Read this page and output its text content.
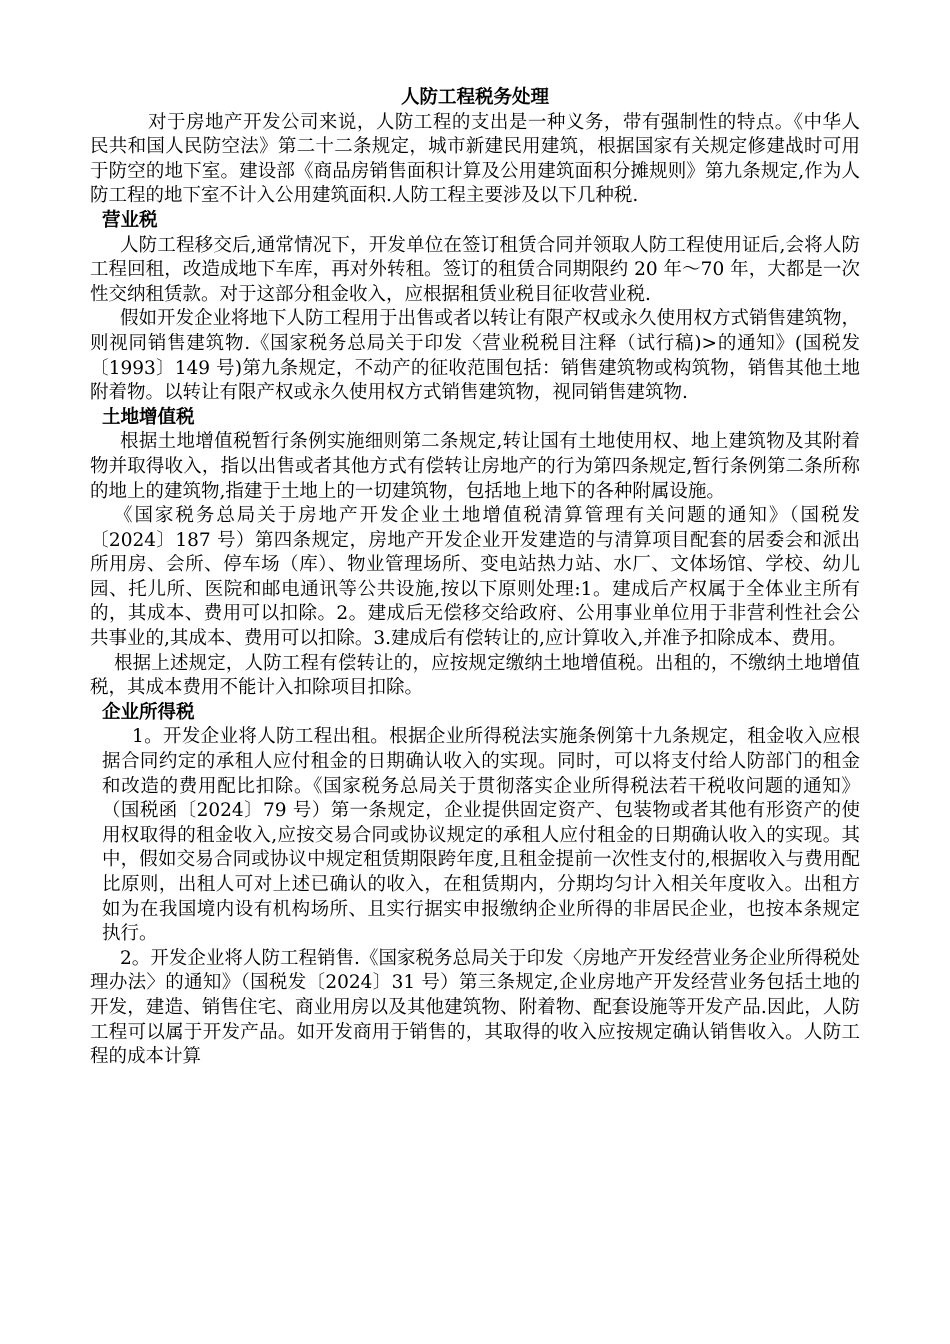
人防工程税务处理

对于房地产开发公司来说，人防工程的支出是一种义务，带有强制性的特点。《中华人民共和国人民防空法》第二十二条规定，城市新建民用建筑，根据国家有关规定修建战时可用于防空的地下室。建设部《商品房销售面积计算及公用建筑面积分摊规则》第九条规定,作为人防工程的地下室不计入公用建筑面积.人防工程主要涉及以下几种税.

营业税

人防工程移交后,通常情况下，开发单位在签订租赁合同并领取人防工程使用证后,会将人防工程回租，改造成地下车库，再对外转租。签订的租赁合同期限约 20 年～70 年，大都是一次性交纳租赁款。对于这部分租金收入，应根据租赁业税目征收营业税.

假如开发企业将地下人防工程用于出售或者以转让有限产权或永久使用权方式销售建筑物，则视同销售建筑物.《国家税务总局关于印发〈营业税税目注释（试行稿)>的通知》(国税发〔1993〕149 号)第九条规定，不动产的征收范围包括：销售建筑物或构筑物，销售其他土地附着物。以转让有限产权或永久使用权方式销售建筑物，视同销售建筑物.

土地增值税

根据土地增值税暂行条例实施细则第二条规定,转让国有土地使用权、地上建筑物及其附着物并取得收入，指以出售或者其他方式有偿转让房地产的行为第四条规定,暂行条例第二条所称的地上的建筑物,指建于土地上的一切建筑物，包括地上地下的各种附属设施。

《国家税务总局关于房地产开发企业土地增值税清算管理有关问题的通知》（国税发〔2024〕187 号）第四条规定，房地产开发企业开发建造的与清算项目配套的居委会和派出所用房、会所、停车场（库）、物业管理场所、变电站热力站、水厂、文体场馆、学校、幼儿园、托儿所、医院和邮电通讯等公共设施,按以下原则处理:1。建成后产权属于全体业主所有的，其成本、费用可以扣除。2。建成后无偿移交给政府、公用事业单位用于非营利性社会公共事业的,其成本、费用可以扣除。3.建成后有偿转让的,应计算收入,并准予扣除成本、费用。

根据上述规定，人防工程有偿转让的，应按规定缴纳土地增值税。出租的，不缴纳土地增值税，其成本费用不能计入扣除项目扣除。

企业所得税

1。开发企业将人防工程出租。根据企业所得税法实施条例第十九条规定，租金收入应根据合同约定的承租人应付租金的日期确认收入的实现。同时，可以将支付给人防部门的租金和改造的费用配比扣除。《国家税务总局关于贯彻落实企业所得税法若干税收问题的通知》（国税函〔2024〕79 号）第一条规定，企业提供固定资产、包装物或者其他有形资产的使用权取得的租金收入,应按交易合同或协议规定的承租人应付租金的日期确认收入的实现。其中，假如交易合同或协议中规定租赁期限跨年度,且租金提前一次性支付的,根据收入与费用配比原则，出租人可对上述已确认的收入，在租赁期内，分期均匀计入相关年度收入。出租方如为在我国境内设有机构场所、且实行据实申报缴纳企业所得的非居民企业，也按本条规定执行。

2。开发企业将人防工程销售.《国家税务总局关于印发〈房地产开发经营业务企业所得税处理办法〉的通知》（国税发〔2024〕31 号）第三条规定,企业房地产开发经营业务包括土地的开发，建造、销售住宅、商业用房以及其他建筑物、附着物、配套设施等开发产品.因此，人防工程可以属于开发产品。如开发商用于销售的，其取得的收入应按规定确认销售收入。人防工程的成本计算
